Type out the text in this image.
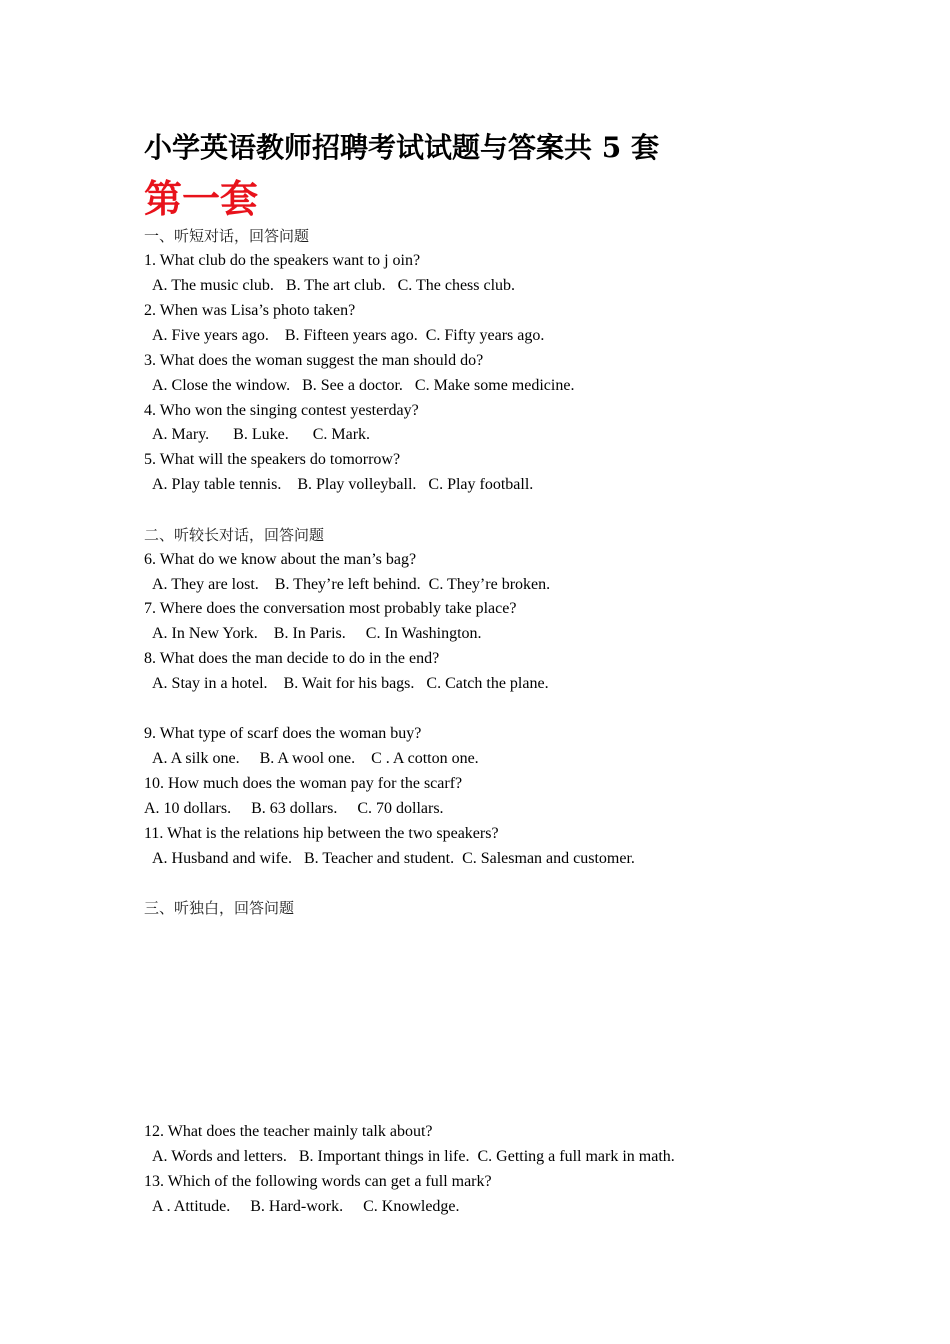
小学英语教师招聘考试试题与答案共 5 套
第一套
一、听短对话，回答问题
1. What club do the speakers want to j oin?
A. The music club.   B. The art club.   C. The chess club.
2. When was Lisa’s photo taken?
A. Five years ago.    B. Fifteen years ago.  C. Fifty years ago.
3. What does the woman suggest the man should do?
A. Close the window.   B. See a doctor.   C. Make some medicine.
4. Who won the singing contest yesterday?
A. Mary.      B. Luke.      C. Mark.
5. What will the speakers do tomorrow?
A. Play table tennis.    B. Play volleyball.   C. Play football.
二、听较长对话，回答问题
6. What do we know about the man’s bag?
A. They are lost.    B. They’re left behind.  C. They’re broken.
7. Where does the conversation most probably take place?
A. In New York.    B. In Paris.     C. In Washington.
8. What does the man decide to do in the end?
A. Stay in a hotel.    B. Wait for his bags.   C. Catch the plane.
9. What type of scarf does the woman buy?
A. A silk one.     B. A wool one.    C . A cotton one.
10. How much does the woman pay for the scarf?
A. 10 dollars.     B. 63 dollars.     C. 70 dollars.
11. What is the relations hip between the two speakers?
A. Husband and wife.   B. Teacher and student.  C. Salesman and customer.
三、听独白，回答问题
12. What does the teacher mainly talk about?
A. Words and letters.   B. Important things in life.  C. Getting a full mark in math.
13. Which of the following words can get a full mark?
A . Attitude.     B. Hard-work.     C. Knowledge.
